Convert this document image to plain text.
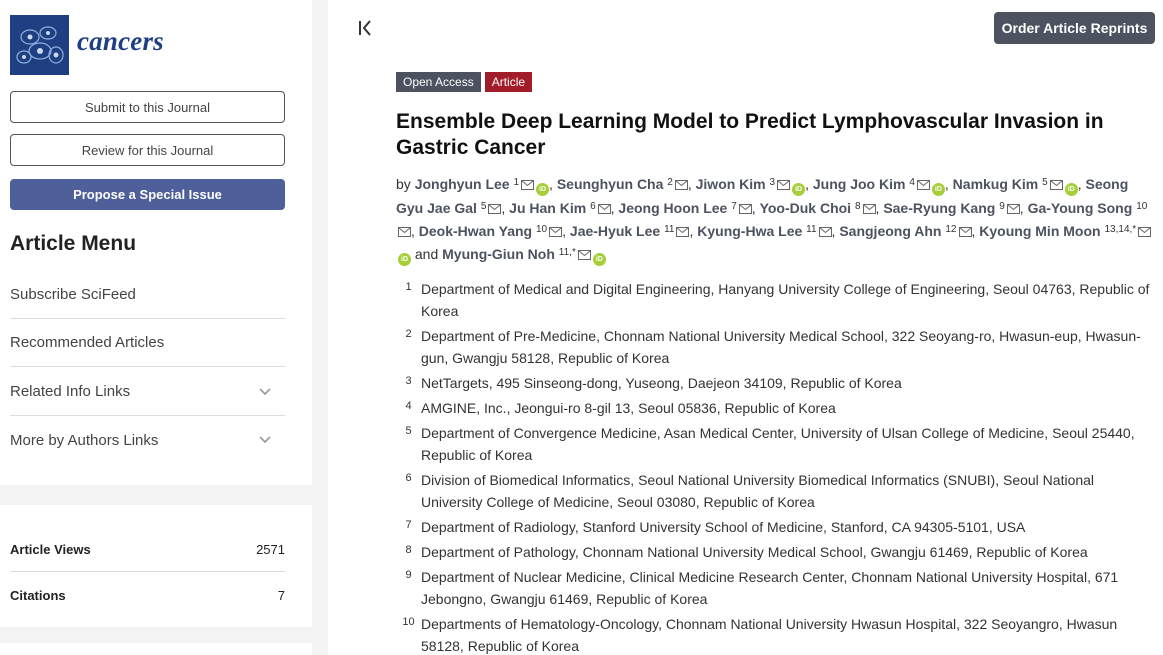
cancers
Submit to this Journal
Review for this Journal
Propose a Special Issue
Article Menu
Subscribe SciFeed
Recommended Articles
Related Info Links
More by Authors Links
Article Views	2571
Citations	7
Order Article Reprints
Open Access	Article
Ensemble Deep Learning Model to Predict Lymphovascular Invasion in Gastric Cancer
by Jonghyun Lee $^1$iD , Seunghyun Cha $^2$ , Jiwon Kim $^3$iD , Jung Joo Kim $^4$iD , Namkug Kim $^5$iD , Seong Gyu Jae Gal $^5$ , Ju Han Kim $^6$ , Jeong Hoon Lee $^7$ , Yoo-Duk Choi $^8$ , Sae-Ryung Kang $^9$ , Ga-Young Song $^{10}$, Deok-Hwan Yang $^{10}$ , Jae-Hyuk Lee $^{11}$ , Kyung-Hwa Lee $^{11}$ , Sangjeong Ahn $^{12}$ , Kyoung Min Moon $^{13,14,*}$iD and Myung-Giun Noh $^{11,*}$iD
1 Department of Medical and Digital Engineering, Hanyang University College of Engineering, Seoul 04763, Republic of Korea
2 Department of Pre-Medicine, Chonnam National University Medical School, 322 Seoyang-ro, Hwasun-eup, Hwasun-gun, Gwangju 58128, Republic of Korea
3 NetTargets, 495 Sinseong-dong, Yuseong, Daejeon 34109, Republic of Korea
4 AMGINE, Inc., Jeongui-ro 8-gil 13, Seoul 05836, Republic of Korea
5 Department of Convergence Medicine, Asan Medical Center, University of Ulsan College of Medicine, Seoul 25440, Republic of Korea
6 Division of Biomedical Informatics, Seoul National University Biomedical Informatics (SNUBI), Seoul National University College of Medicine, Seoul 03080, Republic of Korea
7 Department of Radiology, Stanford University School of Medicine, Stanford, CA 94305-5101, USA
8 Department of Pathology, Chonnam National University Medical School, Gwangju 61469, Republic of Korea
9 Department of Nuclear Medicine, Clinical Medicine Research Center, Chonnam National University Hospital, 671 Jebongno, Gwangju 61469, Republic of Korea
10 Departments of Hematology-Oncology, Chonnam National University Hwasun Hospital, 322 Seoyangro, Hwasun 58128, Republic of Korea
